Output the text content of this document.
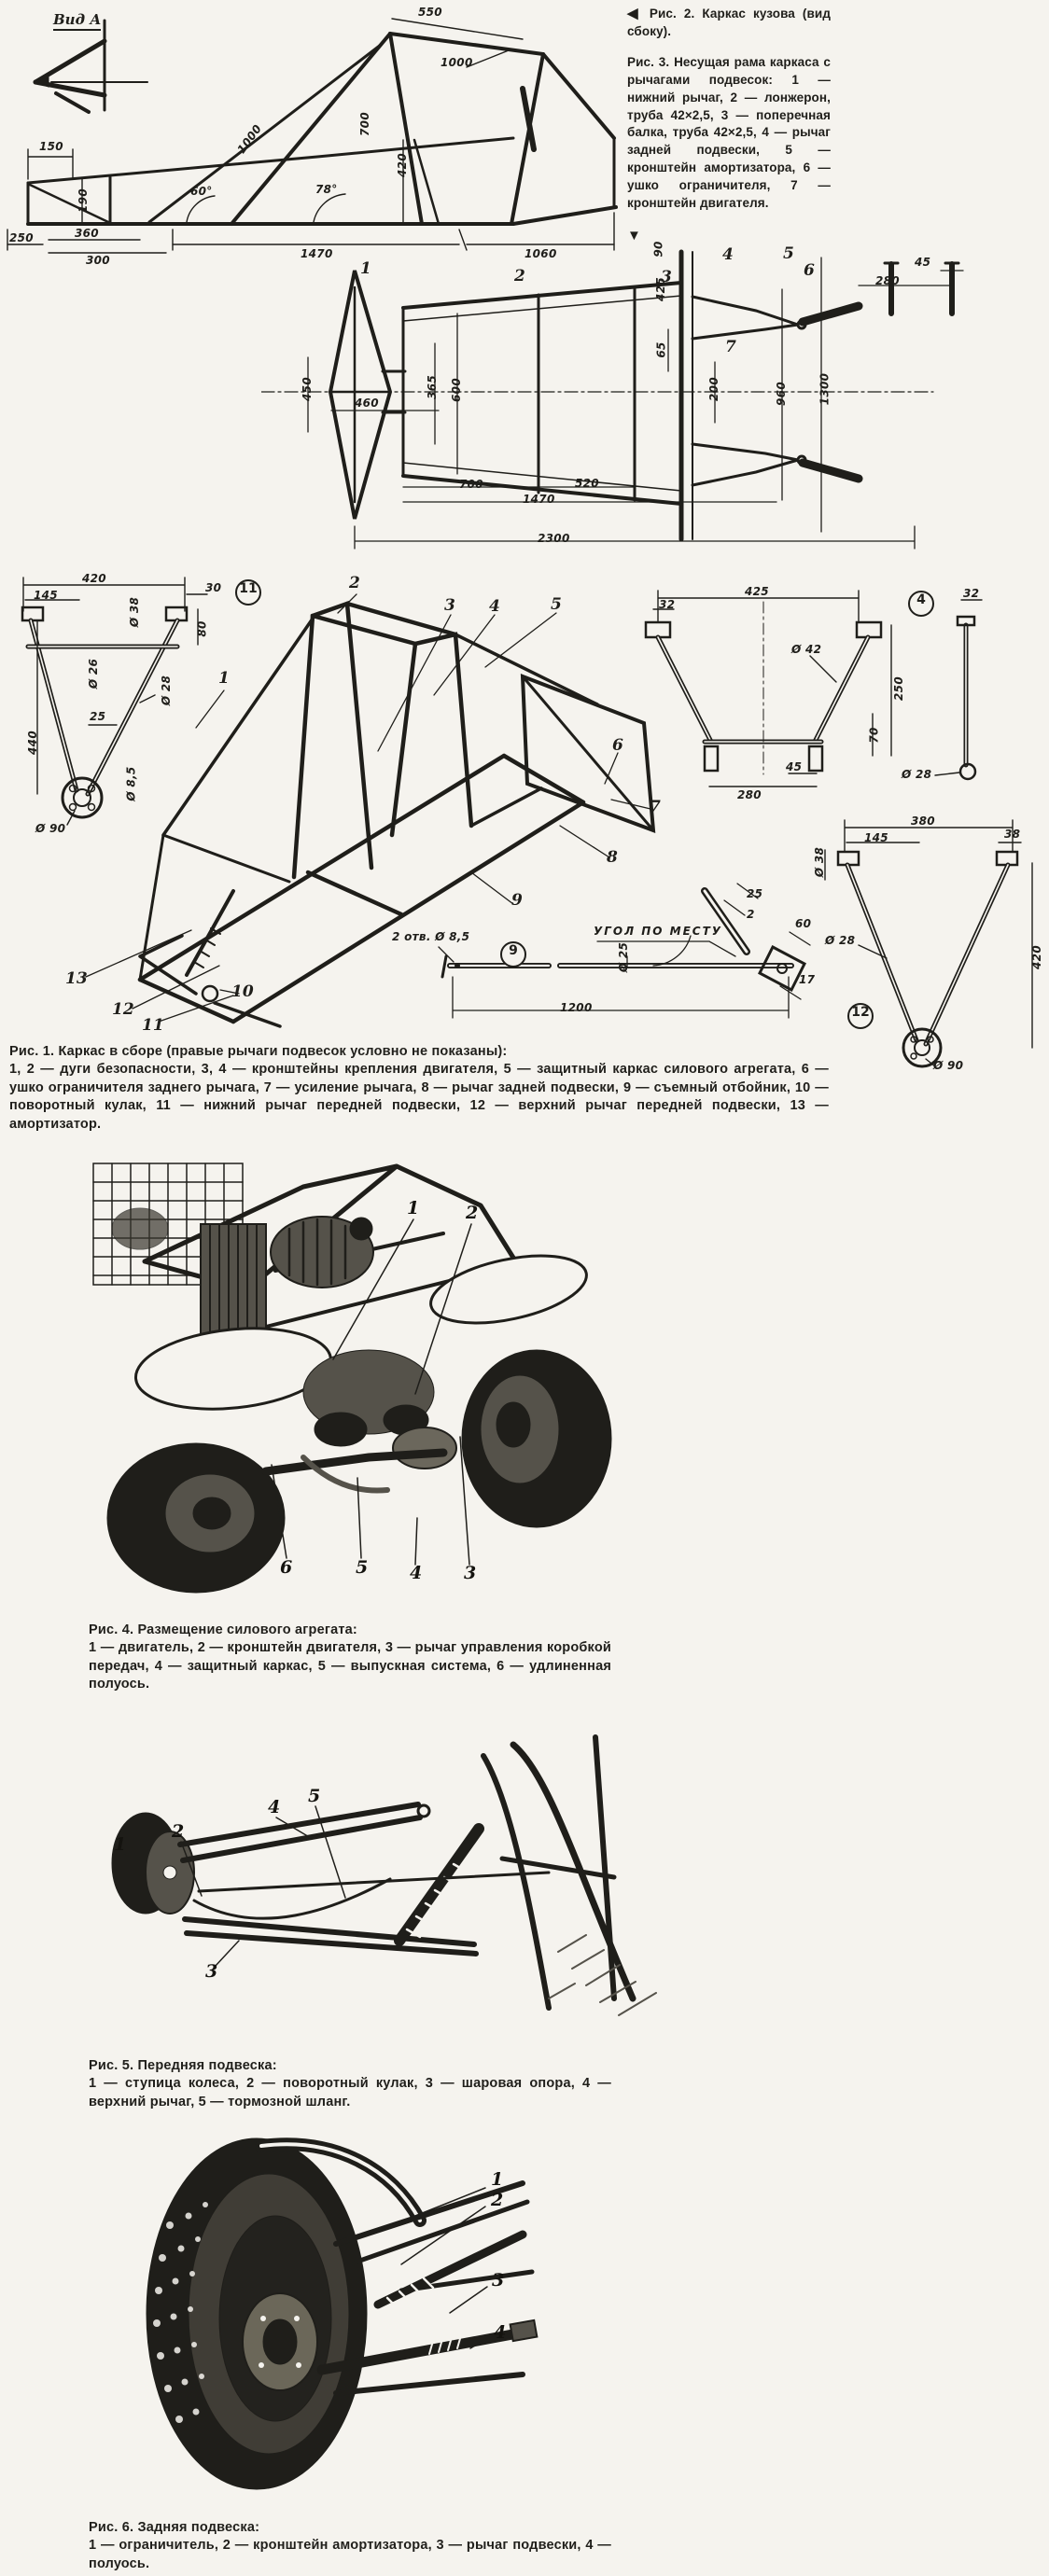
Вид А
150	1000
1000
550
700
420
60°	78°
190
250	360
300	1470	1060

◀ Рис. 2. Каркас кузова (вид сбоку).

Рис. 3. Несущая рама каркаса с рычагами подвесок: 1 — нижний рычаг, 2 — лонжерон, труба 42×2,5, 3 — поперечная балка, труба 42×2,5, 4 — рычаг задней подвески, 5 — кронштейн амортизатора, 6 — ушко ограничителя, 7 — кронштейн двигателя.

▼

1	2	3
4	5
6
7
450
460
365 600
700	520
1470
2300
45
280
65
200	960	1300
90
425
420
145
30	11
Ø 38
80
Ø 26
Ø 28
25
440
Ø 8,5
Ø 90
1
2
3 4	5
6
7
8
9
10
11
12
13
425
32	4	32
Ø 42
250
70
45
280
Ø 28
2 отв. Ø 8,5
9
УГОЛ ПО МЕСТУ
Ø 25
1200
25
2
60
17
380
145	38
Ø 38
Ø 28
420
12
Ø 90
Рис. 1. Каркас в сборе (правые рычаги подвесок условно не показаны):
1, 2 — дуги безопасности, 3, 4 — кронштейны крепления двигателя, 5 — защитный каркас силового агрегата, 6 — ушко ограничителя заднего рычага, 7 — усиление рычага, 8 — рычаг задней подвески, 9 — съемный отбойник, 10 — поворотный кулак, 11 — нижний рычаг передней подвески, 12 — верхний рычаг передней подвески, 13 — амортизатор.
1	2
3
4
5
6
Рис. 4. Размещение силового агрегата:
1 — двигатель, 2 — кронштейн двигателя, 3 — рычаг управления коробкой передач, 4 — защитный каркас, 5 — выпускная система, 6 — удлиненная полуось.
1
2
3
4
5
Рис. 5. Передняя подвеска:
1 — ступица колеса, 2 — поворотный кулак, 3 — шаровая опора, 4 — верхний рычаг, 5 — тормозной шланг.
1
2
3
4
Рис. 6. Задняя подвеска:
1 — ограничитель, 2 — кронштейн амортизатора, 3 — рычаг подвески, 4 — полуось.
